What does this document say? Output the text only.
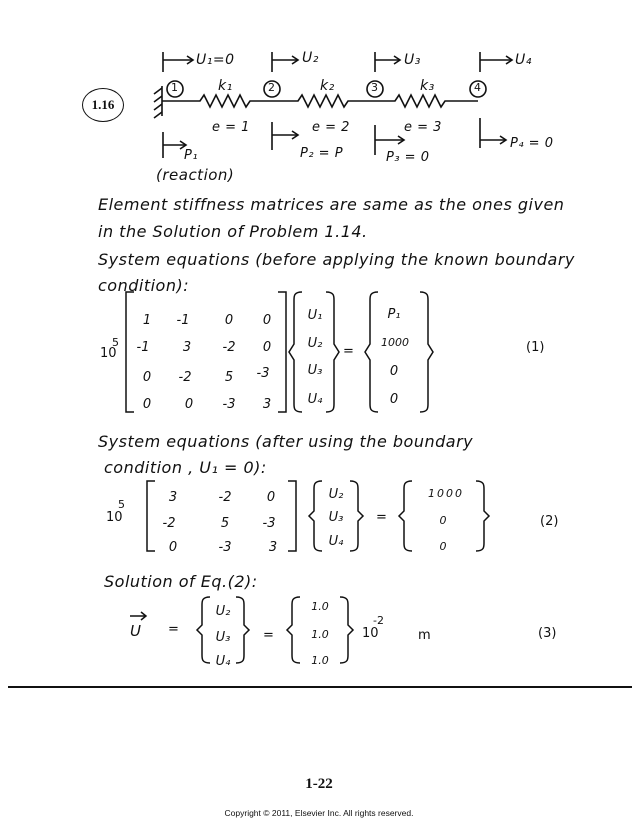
1.16
U₁=0	U₂	U₃	U₄
1	2	3	4
k₁	k₂	k₃
e = 1	e = 2	e = 3
P₁	P₂ = P	P₃ = 0
P₄ = 0
(reaction)
Element stiffness matrices are same as the ones given
in the Solution of Problem 1.14.
System equations (before applying the known boundary
condition):
5
10
1	-1	0	0
-1	3	-2	0
0	-2	5	-3
0	0	-3	3
U₁
U₂
U₃
U₄
=
P₁
1000
0
0
(1)
System equations (after using the boundary
condition , U₁ = 0):
5
10
3	-2	0
-2	5	-3
0	-3	3
U₂
U₃
U₄
=
1000
0
0
(2)
Solution of Eq.(2):
U =
U₂
U₃
U₄
=
1.0
1.0
1.0
-2
10	m	(3)
1-22
Copyright © 2011, Elsevier Inc. All rights reserved.
